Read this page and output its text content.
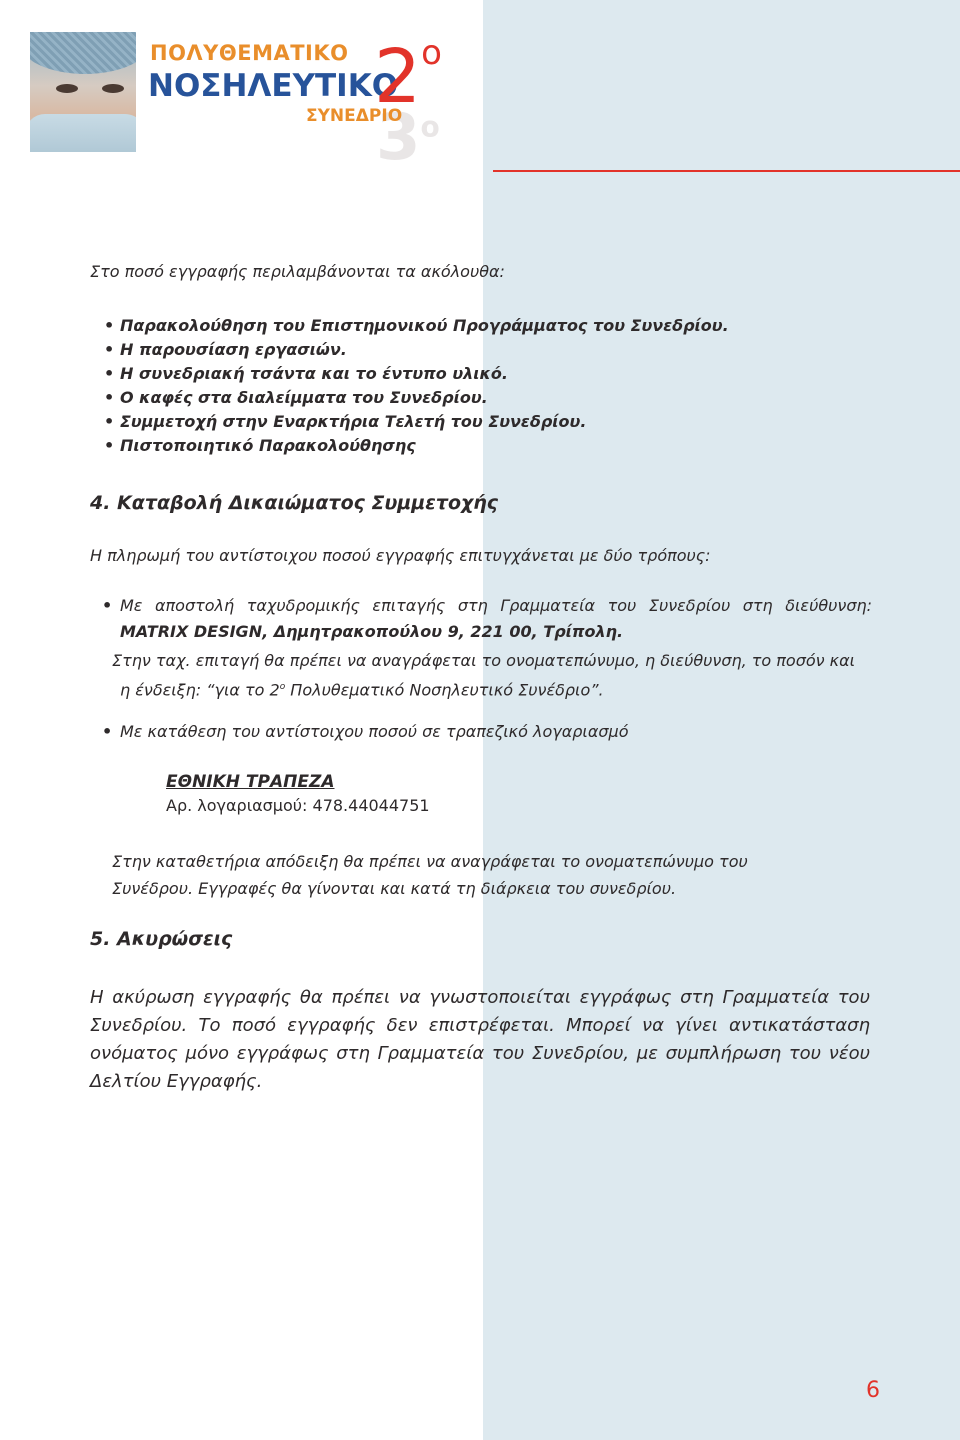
$3^o$
ΠΟΛΥΘΕΜΑΤΙΚΟ
ΝΟΣΗΛΕΥΤΙΚΟ
ΣΥΝΕΔΡΙΟ
$2^o$

Στο ποσό εγγραφής περιλαμβάνονται τα ακόλουθα:

• Παρακολούθηση του Επιστημονικού Προγράμματος του Συνεδρίου.
• Η παρουσίαση εργασιών.
• Η συνεδριακή τσάντα και το έντυπο υλικό.
• Ο καφές στα διαλείμματα του Συνεδρίου.
• Συμμετοχή στην Εναρκτήρια Τελετή του Συνεδρίου.
• Πιστοποιητικό Παρακολούθησης
4. Καταβολή Δικαιώματος Συμμετοχής

Η πληρωμή του αντίστοιχου ποσού εγγραφής επιτυγχάνεται με δύο τρόπους:

• Με αποστολή ταχυδρομικής επιταγής στη Γραμματεία του Συνεδρίου στη διεύθυνση:

MATRIX DESIGN, Δημητρακοπούλου 9, 221 00, Τρίπολη.

Στην ταχ. επιταγή θα πρέπει να αναγράφεται το ονοματεπώνυμο, η διεύθυνση, το ποσόν και
η ένδειξη: “για το $2^o$ Πολυθεματικό Νοσηλευτικό Συνέδριο”.
• Με κατάθεση του αντίστοιχου ποσού σε τραπεζικό λογαριασμό

ΕΘΝΙΚΗ ΤΡΑΠΕΖΑ
Αρ. λογαριασμού: 478.44044751

Στην καταθετήρια απόδειξη θα πρέπει να αναγράφεται το ονοματεπώνυμο του Συνέδρου. Εγγραφές θα γίνονται και κατά τη διάρκεια του συνεδρίου.

5. Ακυρώσεις

Η ακύρωση εγγραφής θα πρέπει να γνωστοποιείται εγγράφως στη Γραμματεία του Συνεδρίου. Το ποσό εγγραφής δεν επιστρέφεται. Μπορεί να γίνει αντικατάσταση ονόματος μόνο εγγράφως στη Γραμματεία του Συνεδρίου, με συμπλήρωση του νέου Δελτίου Εγγραφής.

6
